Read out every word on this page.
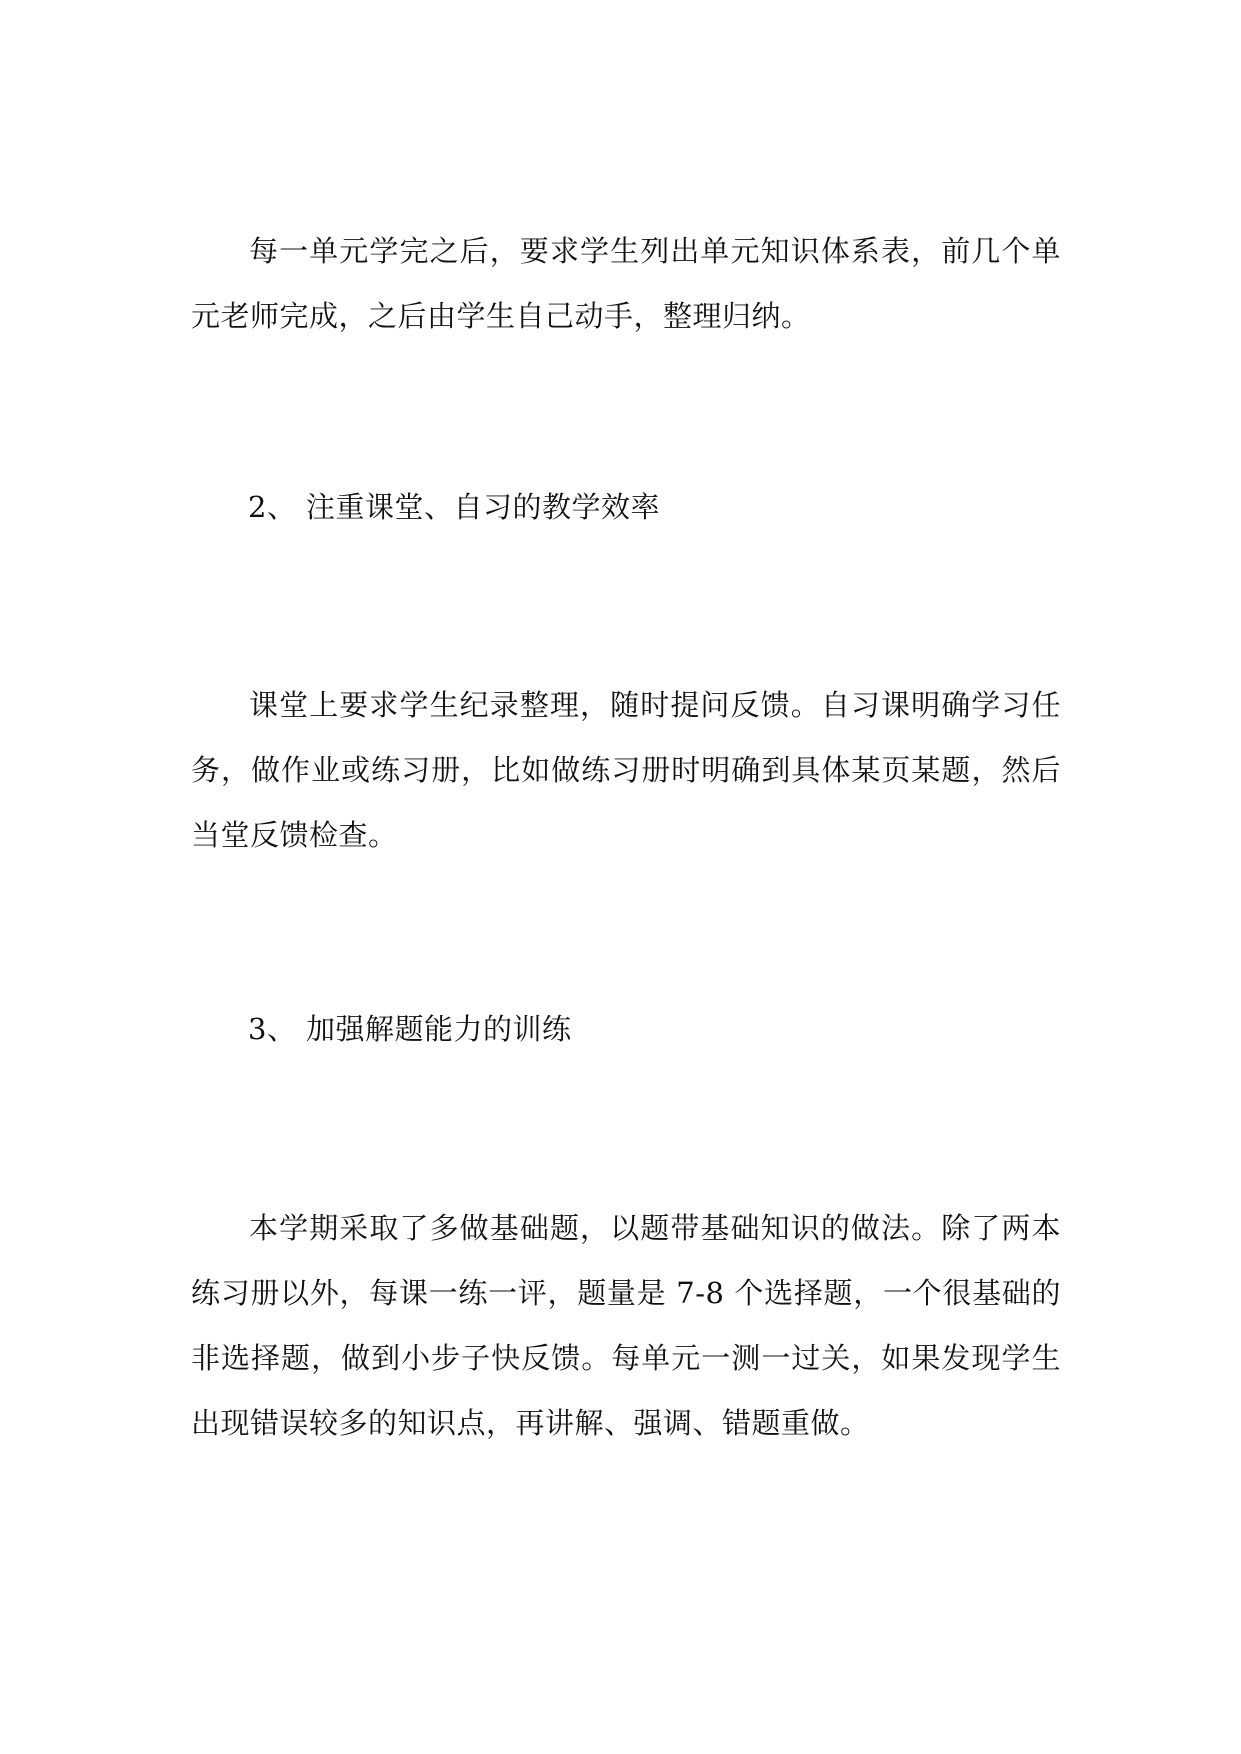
每一单元学完之后，要求学生列出单元知识体系表，前几个单元老师完成，之后由学生自己动手，整理归纳。

2、 注重课堂、自习的教学效率

课堂上要求学生纪录整理，随时提问反馈。自习课明确学习任务，做作业或练习册，比如做练习册时明确到具体某页某题，然后当堂反馈检查。

3、 加强解题能力的训练

本学期采取了多做基础题，以题带基础知识的做法。除了两本练习册以外，每课一练一评，题量是 7-8 个选择题，一个很基础的非选择题，做到小步子快反馈。每单元一测一过关，如果发现学生出现错误较多的知识点，再讲解、强调、错题重做。
